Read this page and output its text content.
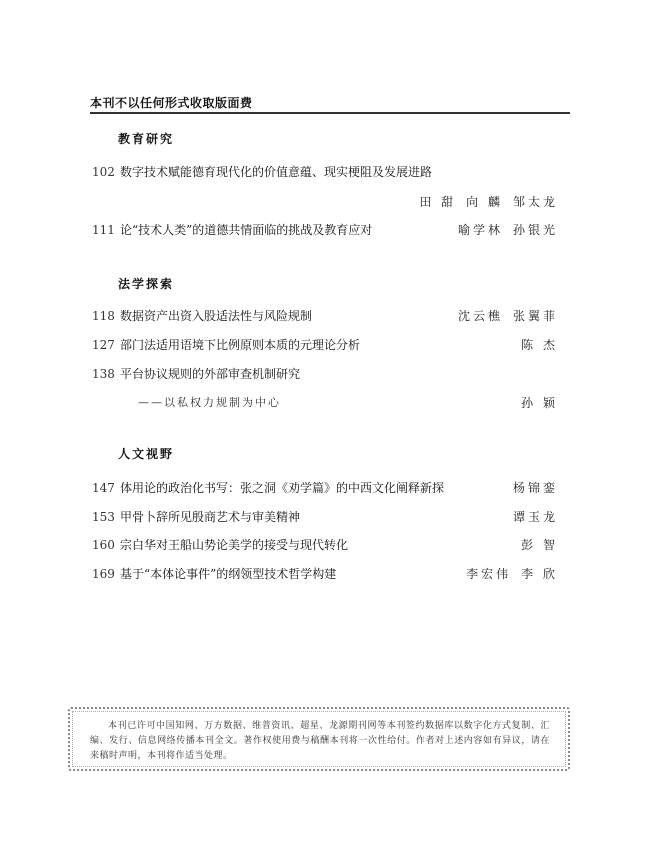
本刊不以任何形式收取版面费
教育研究
102 数字技术赋能德育现代化的价值意蕴、现实梗阻及发展进路
田 甜 向 麟 邹太龙
111 论“技术人类”的道德共情面临的挑战及教育应对	喻学林 孙银光
法学探索
118 数据资产出资入股适法性与风险规制	沈云樵 张翼菲
127 部门法适用语境下比例原则本质的元理论分析	陈 杰
138 平台协议规则的外部审查机制研究
——以私权力规制为中心	孙 颖
人文视野
147 体用论的政治化书写：张之洞《劝学篇》的中西文化阐释新探	杨锦銮
153 甲骨卜辞所见殷商艺术与审美精神	谭玉龙
160 宗白华对王船山势论美学的接受与现代转化	彭 智
169 基于“本体论事件”的纲领型技术哲学构建	李宏伟 李 欣
本刊已许可中国知网、万方数据、维普资讯、超星、龙源期刊网等本刊签约数据库以数字化方式复制、汇编、发行、信息网络传播本刊全文。著作权使用费与稿酬本刊将一次性给付。作者对上述内容如有异议，请在来稿时声明，本刊将作适当处理。
